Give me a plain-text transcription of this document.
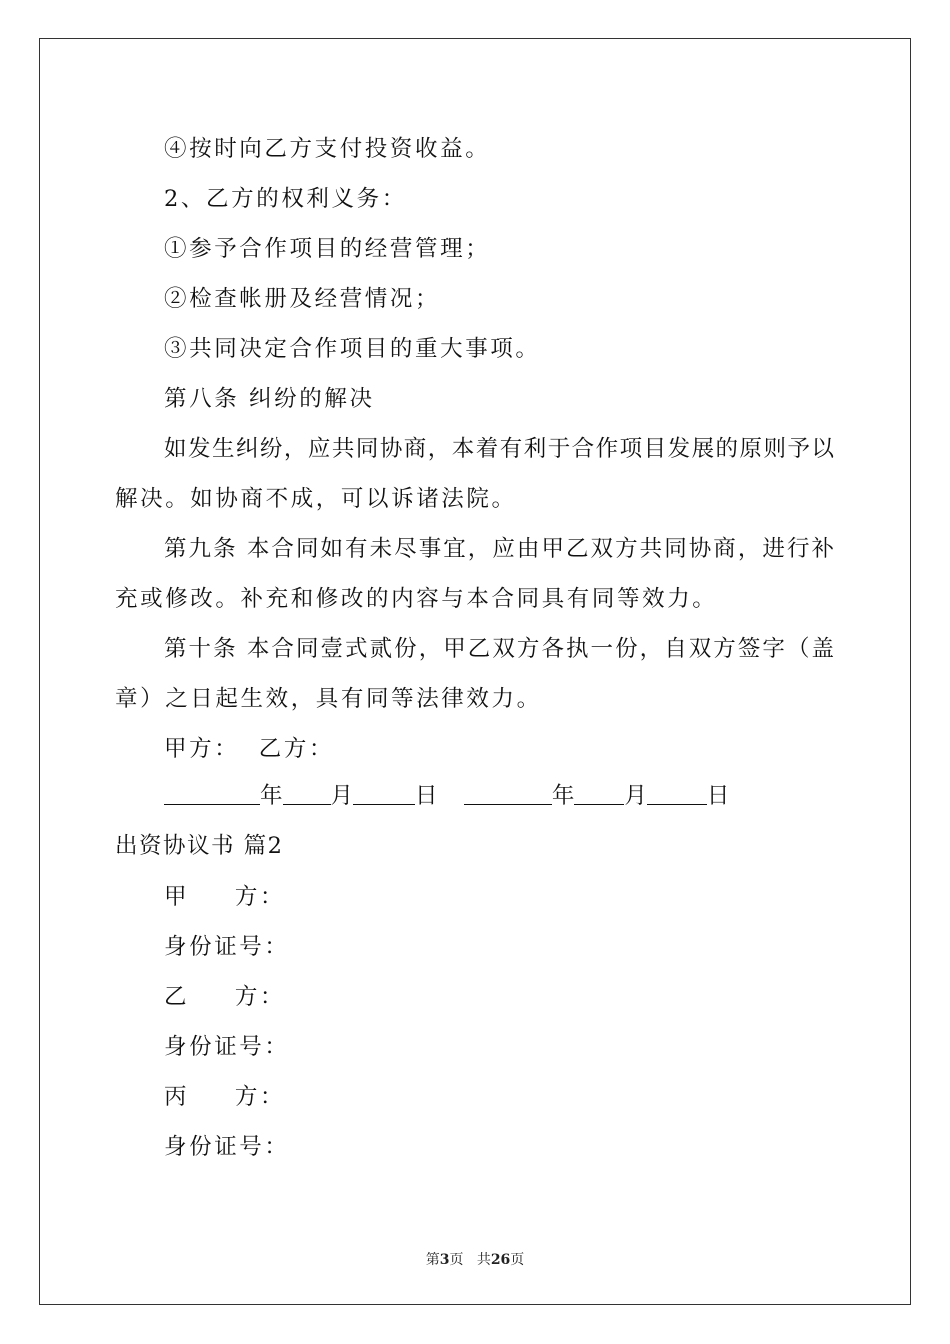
④按时向乙方支付投资收益。
2、乙方的权利义务：
①参予合作项目的经营管理；
②检查帐册及经营情况；
③共同决定合作项目的重大事项。
第八条 纠纷的解决
如发生纠纷，应共同协商，本着有利于合作项目发展的原则予以
解决。如协商不成，可以诉诸法院。
第九条 本合同如有未尽事宜，应由甲乙双方共同协商，进行补
充或修改。补充和修改的内容与本合同具有同等效力。
第十条 本合同壹式贰份，甲乙双方各执一份，自双方签字（盖
章）之日起生效，具有同等法律效力。
甲方：  乙方：
年 月	日	年 月	日
出资协议书 篇2
甲 方：
身份证号：
乙 方：
身份证号：
丙 方：
身份证号：
第3页 共26页
